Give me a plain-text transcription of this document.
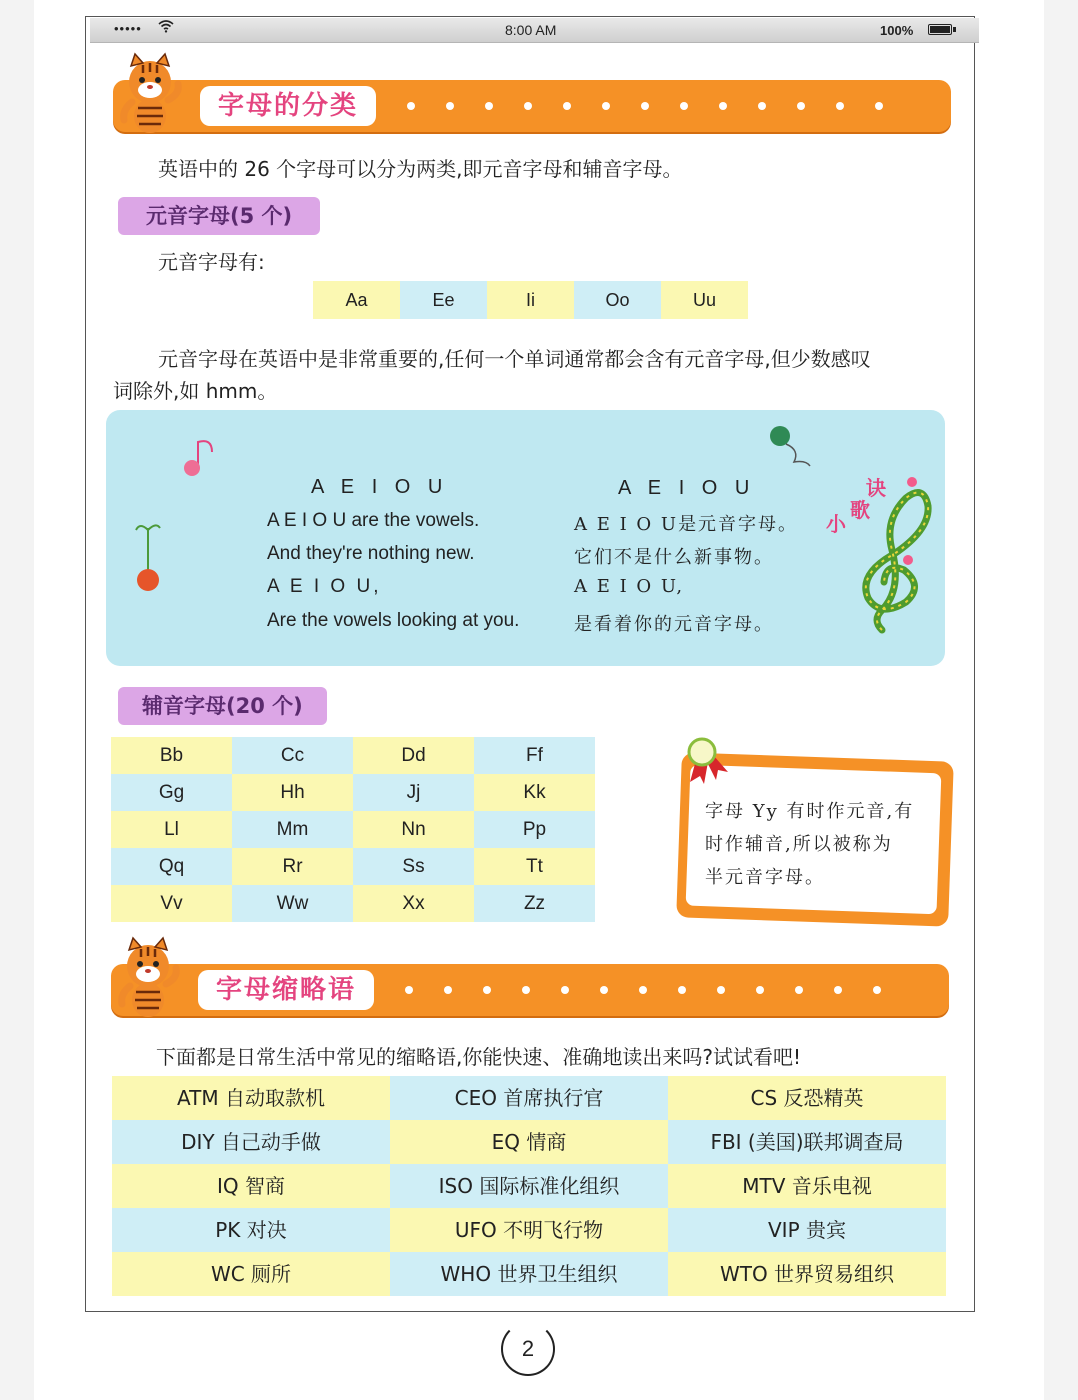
•••••	8:00 AM	100%
字母的分类
英语中的 26 个字母可以分为两类,即元音字母和辅音字母。
元音字母(5 个)
元音字母有:
Aa	Ee	Ii	Oo	Uu
元音字母在英语中是非常重要的,任何一个单词通常都会含有元音字母,但少数感叹
词除外,如 hmm。
小
歌
诀
A E I O U
A E I O U are the vowels.
And they're nothing new.
A E I O U,
Are the vowels looking at you.
A E I O U
A E I O U是元音字母。
它们不是什么新事物。
A E I O U,
是看着你的元音字母。
辅音字母(20 个)
Bb	Cc	Dd	Ff
Gg	Hh	Jj	Kk
Ll	Mm	Nn	Pp
Qq	Rr	Ss	Tt
Vv	Ww	Xx	Zz
字母 Yy 有时作元音,有
时作辅音,所以被称为
半元音字母。
字母缩略语
下面都是日常生活中常见的缩略语,你能快速、准确地读出来吗?试试看吧!
ATM 自动取款机	CEO 首席执行官	CS 反恐精英
DIY 自己动手做	EQ 情商	FBI (美国)联邦调查局
IQ 智商	ISO 国际标准化组织	MTV 音乐电视
PK 对决	UFO 不明飞行物	VIP 贵宾
WC 厕所	WHO 世界卫生组织	WTO 世界贸易组织
2
